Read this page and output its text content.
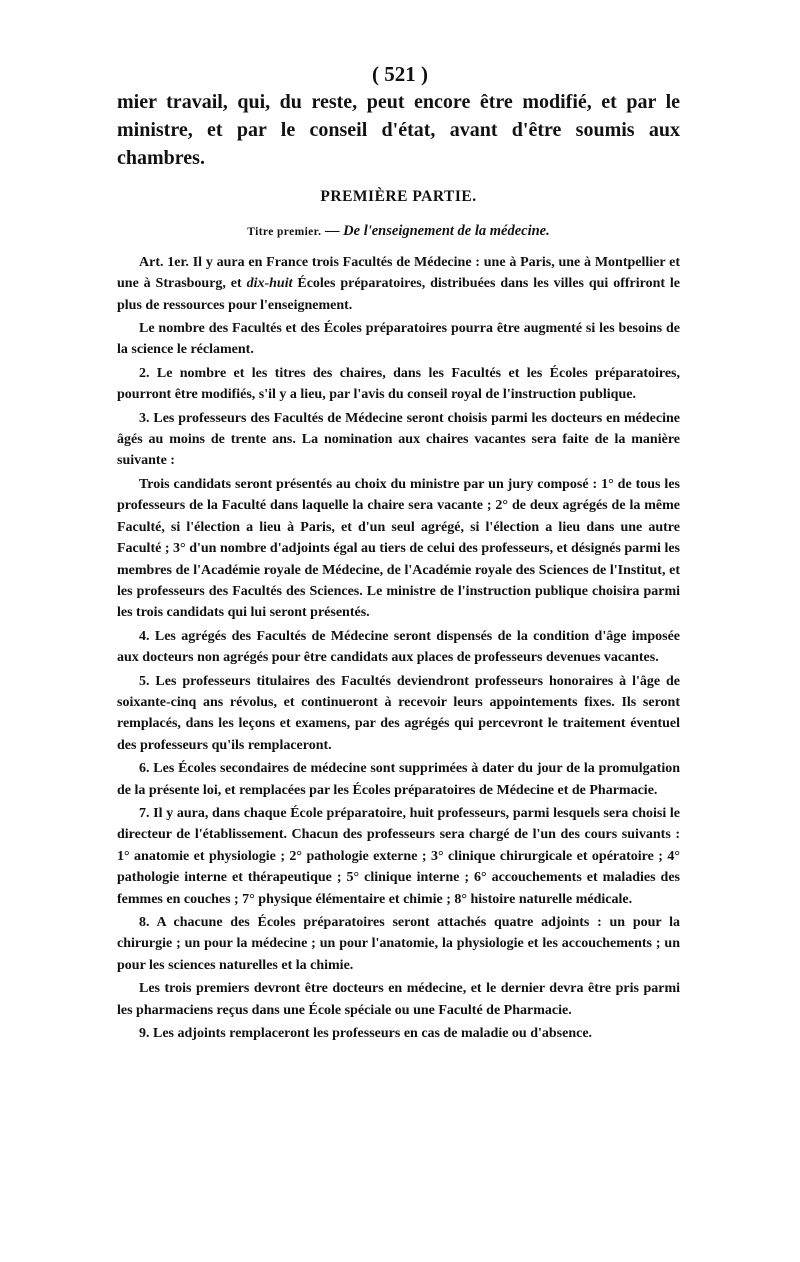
( 521 )
mier travail, qui, du reste, peut encore être modifié, et par le ministre, et par le conseil d'état, avant d'être soumis aux chambres.
PREMIÈRE PARTIE.
Titre premier. — De l'enseignement de la médecine.

Art. 1er. Il y aura en France trois Facultés de Médecine : une à Paris, une à Montpellier et une à Strasbourg, et dix-huit Écoles préparatoires, distribuées dans les villes qui offriront le plus de ressources pour l'enseignement.

Le nombre des Facultés et des Écoles préparatoires pourra être augmenté si les besoins de la science le réclament.

2. Le nombre et les titres des chaires, dans les Facultés et les Écoles préparatoires, pourront être modifiés, s'il y a lieu, par l'avis du conseil royal de l'instruction publique.

3. Les professeurs des Facultés de Médecine seront choisis parmi les docteurs en médecine âgés au moins de trente ans. La nomination aux chaires vacantes sera faite de la manière suivante :

Trois candidats seront présentés au choix du ministre par un jury composé : 1° de tous les professeurs de la Faculté dans laquelle la chaire sera vacante ; 2° de deux agrégés de la même Faculté, si l'élection a lieu à Paris, et d'un seul agrégé, si l'élection a lieu dans une autre Faculté ; 3° d'un nombre d'adjoints égal au tiers de celui des professeurs, et désignés parmi les membres de l'Académie royale de Médecine, de l'Académie royale des Sciences de l'Institut, et les professeurs des Facultés des Sciences. Le ministre de l'instruction publique choisira parmi les trois candidats qui lui seront présentés.

4. Les agrégés des Facultés de Médecine seront dispensés de la condition d'âge imposée aux docteurs non agrégés pour être candidats aux places de professeurs devenues vacantes.

5. Les professeurs titulaires des Facultés deviendront professeurs honoraires à l'âge de soixante-cinq ans révolus, et continueront à recevoir leurs appointements fixes. Ils seront remplacés, dans les leçons et examens, par des agrégés qui percevront le traitement éventuel des professeurs qu'ils remplaceront.

6. Les Écoles secondaires de médecine sont supprimées à dater du jour de la promulgation de la présente loi, et remplacées par les Écoles préparatoires de Médecine et de Pharmacie.

7. Il y aura, dans chaque École préparatoire, huit professeurs, parmi lesquels sera choisi le directeur de l'établissement. Chacun des professeurs sera chargé de l'un des cours suivants : 1° anatomie et physiologie ; 2° pathologie externe ; 3° clinique chirurgicale et opératoire ; 4° pathologie interne et thérapeutique ; 5° clinique interne ; 6° accouchements et maladies des femmes en couches ; 7° physique élémentaire et chimie ; 8° histoire naturelle médicale.

8. A chacune des Écoles préparatoires seront attachés quatre adjoints : un pour la chirurgie ; un pour la médecine ; un pour l'anatomie, la physiologie et les accouchements ; un pour les sciences naturelles et la chimie.

Les trois premiers devront être docteurs en médecine, et le dernier devra être pris parmi les pharmaciens reçus dans une École spéciale ou une Faculté de Pharmacie.

9. Les adjoints remplaceront les professeurs en cas de maladie ou d'absence.
